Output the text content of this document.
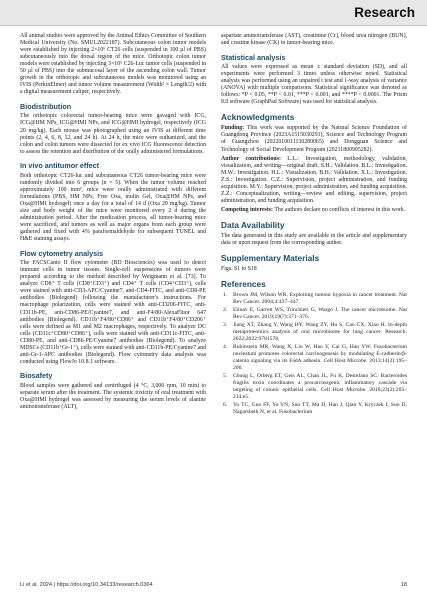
Research

All animal studies were approved by the Animal Ethics Committee of Southern Medical University (No. SMUL2022187). Subcutaneous colon tumor models were established by injecting 2×10⁶ CT26 cells (suspended in 100 μl of PBS) subcutaneously into the dorsal region of the mice. Orthotopic colon tumor models were established by injecting 3×10⁶ C26-Luc tumor cells (suspended in 50 μl of PBS) into the submucosal layer of the ascending colon wall. Tumor growth in the orthotopic and subcutaneous models was monitored using an IVIS (PerkinElmer) and tumor volume measurement (Width² × Length/2) with a digital measurement caliper, respectively.

Biodistribution

The orthotopic colorectal tumor-bearing mice were gavaged with ICG, ICG@HM NPs, ICG@HMI NPs, and ICG@HMI hydrogel, respectively (ICG 20 mg/kg). Each mouse was photographed using an IVIS at different time points (2, 4, 6, 8, 12, and 24 h). At 24 h, the mice were euthanized, and the colon and colon tumors were dissected for ex vivo ICG fluorescence detection to assess the retention and distribution of the orally administered formulations.

In vivo antitumor effect

Both orthotopic CT26-luc and subcutaneous CT26 tumor-bearing mice were randomly divided into 6 groups (n = 5). When the tumor volume reached approximately 100 mm³, mice were orally administrated with different formulations (PBS, HM NPs, Free Oxa, inulin Gel, Oxa@HM NPs, and Oxa@HMI hydrogel) once a day for a total of 14 d (Oxa 20 mg/kg). Tumor size and body weight of the mice were monitored every 2 d during the administration period. After the medication process, all tumor-bearing mice were sacrificed, and tumors as well as major organs from each group were gathered and fixed with 4% paraformaldehyde for subsequent TUNEL and H&E staining assays.

Flow cytometry analysis

The FACSCanto II flow cytometer (BD Biosciences) was used to detect immune cells in tumor tissues. Single-cell suspensions of tumors were prepared according to the method described by Weigmann et al. [73]. To analyze CD8⁺ T cells (CD8⁺CD3⁺) and CD4⁺ T cells (CD4⁺CD3⁺), cells were stained with anti-CD3-APC/Cyanine7, anti-CD4-FITC, and anti-CD8-PE antibodies (Biolegend) following the manufacturer's instructions. For macrophage polarization, cells were stained with anti-CD206-FITC, anti-CD11b-PE, anti-CD86-PE/Cyanine7, and anti-F4/80-AlexaFluor 647 antibodies (Biolegend). CD11b⁺F4/80⁺CD86⁺ and CD11b⁺F4/80⁺CD206⁺ cells were defined as M1 and M2 macrophages, respectively. To analyze DC cells (CD11c⁺CD80⁺CD86⁺), cells were stained with anti-CD11c-FITC, anti-CD80-PE, and anti-CD86-PE/Cyanine7 antibodies (Biolegend). To analyze MDSCs (CD11b⁺Gr-1⁺), cells were stained with anti-CD11b-PE/Cyanine7 and anti-Gr-1-APC antibodies (Biolegend). Flow cytometry data analysis was conducted using FlowJo 10.8.1 software.

Biosafety

Blood samples were gathered and centrifuged (4 °C, 3,000 rpm, 10 min) to separate serum after the treatment. The systemic toxicity of oral treatment with Oxa@HMI hydrogel was assessed by measuring the serum levels of alanine aminotransferase (ALT),

aspartate aminotransferase (AST), creatinine (Cr), blood urea nitrogen (BUN), and creatine kinase (CK) in tumor-bearing mice.

Statistical analysis

All values were expressed as mean ± standard deviation (SD), and all experiments were performed 3 times unless otherwise noted. Statistical analysis was performed using an unpaired t test and 1-way analysis of variance (ANOVA) with multiple comparisons. Statistical significance was denoted as follows: *P < 0.05, **P < 0.01, ***P < 0.001, and ****P < 0.0001. The Prism 8.0 software (GraphPad Software) was used for statistical analysis.

Acknowledgments

Funding: This work was supported by the Natural Science Foundation of Guangdong Province (2023A1515030291), Science and Technology Program of Guangzhou (2022010011130280065) and Dongguan Science and Technology of Social Development Program (20211800905282).

Author contributions: L.L.: Investigation, methodology, validation, visualization, and writing—original draft. S.H.: Validation. B.L.: Investigation. M.W.: Investigation. H.L.: Visualization. B.H.: Validation. X.L.: Investigation. Z.S.: Investigation. C.Z.: Supervision, project administration, and funding acquisition. M.Y.: Supervision, project administration, and funding acquisition. Z.Z.: Conceptualization, writing—review and editing, supervision, project administration, and funding acquisition.

Competing interests: The authors declare no conflicts of interest in this work.

Data Availability

The data generated in this study are available in the article and supplementary data or upon request from the corresponding author.

Supplementary Materials

Figs. S1 to S18

References
1.	Brown JM, Wilson WR. Exploiting tumour hypoxia in cancer treatment. Nat Rev Cancer. 2004;4:437–447.
2.	Elinav E, Garrett WS, Trinchieri G, Wargo J. The cancer microbiome. Nat Rev Cancer. 2019;19(7):371–376.
3.	Jiang XT, Zhang Y, Wang HY, Wang ZY, Hu S, Cao CX, Xiao H. In-depth metaproteomics analysis of oral microbiome for lung cancer. Research. 2022;2022:9781578.
4.	Rubinstein MR, Wang X, Liu W, Hao Y, Cai G, Han YW. Fusobacterium nucleatum promotes colorectal carcinogenesis by modulating E-cadherin/β-catenin signaling via its FadA adhesin. Cell Host Microbe. 2013;14(2):195–206.
5.	Chung L, Orberg ET, Geis AL, Chan JL, Fu K, Destefano SC. Bacteroides fragilis toxin coordinates a procarcinogenic inflammatory cascade via targeting of colonic epithelial cells. Cell Host Microbe. 2018;23(2):203–214.e5.
6.	Yu TC, Guo FF, Yu YN, Sun TT, Ma D, Han J, Qian Y, Kryczek I, Sun D, Nagarsheth N, et al. Fusobacterium
Li et al. 2024 | https://doi.org/10.34133/research.0364	18
